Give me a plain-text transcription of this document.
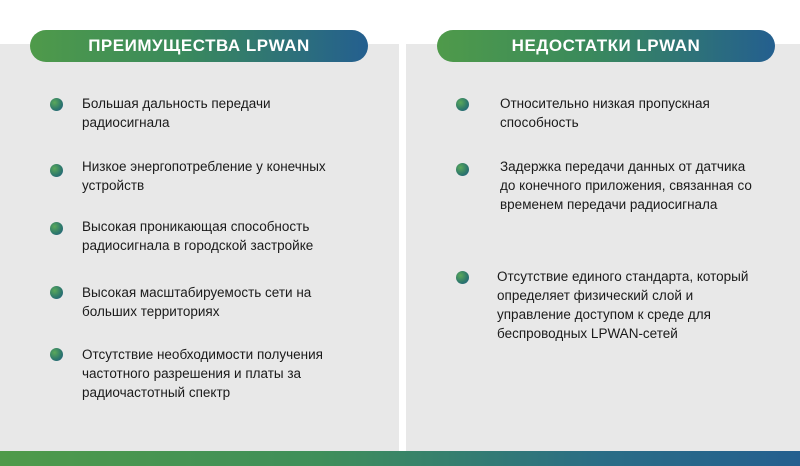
ПРЕИМУЩЕСТВА LPWAN	НЕДОСТАТКИ LPWAN
Большая дальность передачи радиосигнала
Низкое энергопотребление у конечных устройств
Высокая проникающая способность радиосигнала в городской застройке
Высокая масштабируемость сети на больших территориях
Отсутствие необходимости получения частотного разрешения и платы за радиочастотный спектр
Относительно низкая пропускная способность
Задержка передачи данных от датчика до конечного приложения, связанная со временем передачи радиосигнала
Отсутствие единого стандарта, который определяет физический слой и управление доступом к среде для беспроводных LPWAN-сетей
